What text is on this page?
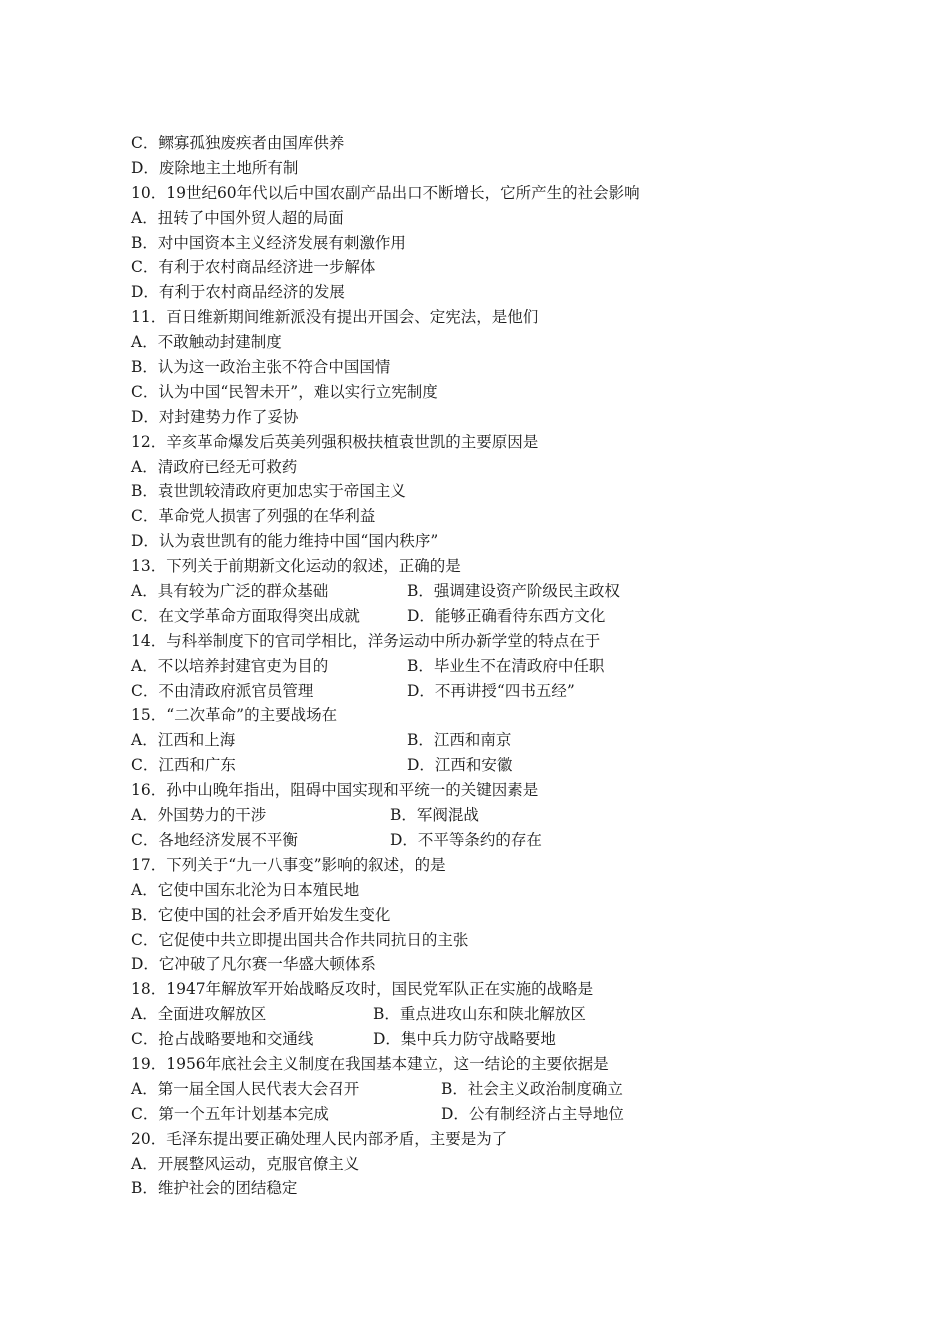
C．鳏寡孤独废疾者由国库供养
D．废除地主土地所有制
10．19世纪60年代以后中国农副产品出口不断增长，它所产生的社会影响
A．扭转了中国外贸人超的局面
B．对中国资本主义经济发展有刺激作用
C．有利于农村商品经济进一步解体
D．有利于农村商品经济的发展
11．百日维新期间维新派没有提出开国会、定宪法，是他们
A．不敢触动封建制度
B．认为这一政治主张不符合中国国情
C．认为中国“民智未开”，难以实行立宪制度
D．对封建势力作了妥协
12．辛亥革命爆发后英美列强积极扶植袁世凯的主要原因是
A．清政府已经无可救药
B．袁世凯较清政府更加忠实于帝国主义
C．革命党人损害了列强的在华利益
D．认为袁世凯有的能力维持中国“国内秩序”
13．下列关于前期新文化运动的叙述，正确的是
A．具有较为广泛的群众基础	B．强调建设资产阶级民主政权
C．在文学革命方面取得突出成就	D．能够正确看待东西方文化
14．与科举制度下的官司学相比，洋务运动中所办新学堂的特点在于
A．不以培养封建官吏为目的	B．毕业生不在清政府中任职
C．不由清政府派官员管理	D．不再讲授“四书五经”
15．“二次革命”的主要战场在
A．江西和上海	B．江西和南京
C．江西和广东	D．江西和安徽
16．孙中山晚年指出，阻碍中国实现和平统一的关键因素是
A．外国势力的干涉	B．军阀混战
C．各地经济发展不平衡	D．不平等条约的存在
17．下列关于“九一八事变”影响的叙述，的是
A．它使中国东北沦为日本殖民地
B．它使中国的社会矛盾开始发生变化
C．它促使中共立即提出国共合作共同抗日的主张
D．它冲破了凡尔赛一华盛大顿体系
18．1947年解放军开始战略反攻时，国民党军队正在实施的战略是
A．全面进攻解放区	B．重点进攻山东和陕北解放区
C．抢占战略要地和交通线	D．集中兵力防守战略要地
19．1956年底社会主义制度在我国基本建立，这一结论的主要依据是
A．第一届全国人民代表大会召开	B．社会主义政治制度确立
C．第一个五年计划基本完成	D．公有制经济占主导地位
20．毛泽东提出要正确处理人民内部矛盾，主要是为了
A．开展整风运动，克服官僚主义
B．维护社会的团结稳定
